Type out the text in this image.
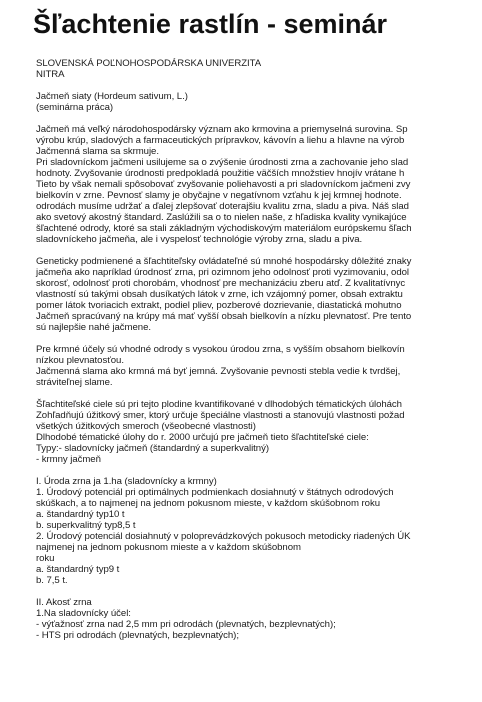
Šľachtenie rastlín - seminár
SLOVENSKÁ POĽNOHOSPODÁRSKA UNIVERZITA
NITRA
Jačmeň siaty (Hordeum sativum, L.)
(seminárna práca)
Jačmeň má veľký národohospodársky význam ako krmovina a priemyselná surovina. Sp
výrobu krúp, sladových a farmaceutických prípravkov, kávovín a liehu a hlavne na výrob
Jačmenná slama sa skrmuje.
Pri sladovníckom jačmeni usilujeme sa o zvýšenie úrodnosti zrna a zachovanie jeho slad
hodnoty. Zvyšovanie úrodnosti predpokladá použitie väčších množstiev hnojív vrátane h
Tieto by však nemali spôsobovať zvyšovanie poliehavosti a pri sladovníckom jačmeni zvy
bielkovín v zrne. Pevnosť slamy je obyčajne v negatívnom vzťahu k jej krmnej hodnote.
odrodách musíme udržať a ďalej zlepšovať doterajšiu kvalitu zrna, sladu a piva. Náš slad
ako svetový akostný štandard. Zaslúžili sa o to nielen naše, z hľadiska kvality vynikajúce
šľachtené odrody, ktoré sa stali základným východiskovým materiálom európskemu šľach
sladovníckeho jačmeňa, ale i vyspelosť technológie výroby zrna, sladu a piva.
Geneticky podmienené a šľachtiteľsky ovládateľné sú mnohé hospodársky dôležité znaky
jačmeňa ako napríklad úrodnosť zrna, pri ozimnom jeho odolnosť proti vyzimovaniu, odol
skorosť, odolnosť proti chorobám, vhodnosť pre mechanizáciu zberu atď. Z kvalitatívnyc
vlastností sú takými obsah dusíkatých látok v zrne, ich vzájomný pomer, obsah extraktu
pomer látok tvoriacich extrakt, podiel pliev, pozberové dozrievanie, diastatická mohutno
Jačmeň spracúvaný na krúpy má mať vyšší obsah bielkovín a nízku plevnatosť. Pre tento
sú najlepšie nahé jačmene.
Pre krmné účely sú vhodné odrody s vysokou úrodou zrna, s vyšším obsahom bielkovín
nízkou plevnatosťou.
Jačmenná slama ako krmná má byť jemná. Zvyšovanie pevnosti stebla vedie k tvrdšej,
stráviteľnej slame.
Šľachtiteľské ciele sú pri tejto plodine kvantifikované v dlhodobých tématických úlohách
Zohľadňujú úžitkový smer, ktorý určuje špeciálne vlastnosti a stanovujú vlastnosti požad
všetkých úžitkových smeroch (všeobecné vlastnosti)
Dlhodobé tématické úlohy do r. 2000 určujú pre jačmeň tieto šľachtiteľské ciele:
Typy:- sladovnícky jačmeň (štandardný a superkvalitný)
- krmny jačmeň
I. Úroda zrna ja 1.ha (sladovnícky a krmny)
1. Úrodový potenciál pri optimálnych podmienkach dosiahnutý v štátnych odrodových
skúškach, a to najmenej na jednom pokusnom mieste, v každom skúšobnom roku
a. štandardný typ10 t
b. superkvalitný typ8,5 t
2. Úrodový potenciál dosiahnutý v poloprevádzkových pokusoch metodicky riadených ÚK
najmenej na jednom pokusnom mieste a v každom skúšobnom
roku
a. štandardný typ9 t
b. 7,5 t.
II. Akosť zrna
1.Na sladovnícky účel:
- výťažnosť zrna nad 2,5 mm pri odrodách (plevnatých, bezplevnatých);
- HTS pri odrodách (plevnatých, bezplevnatých);
